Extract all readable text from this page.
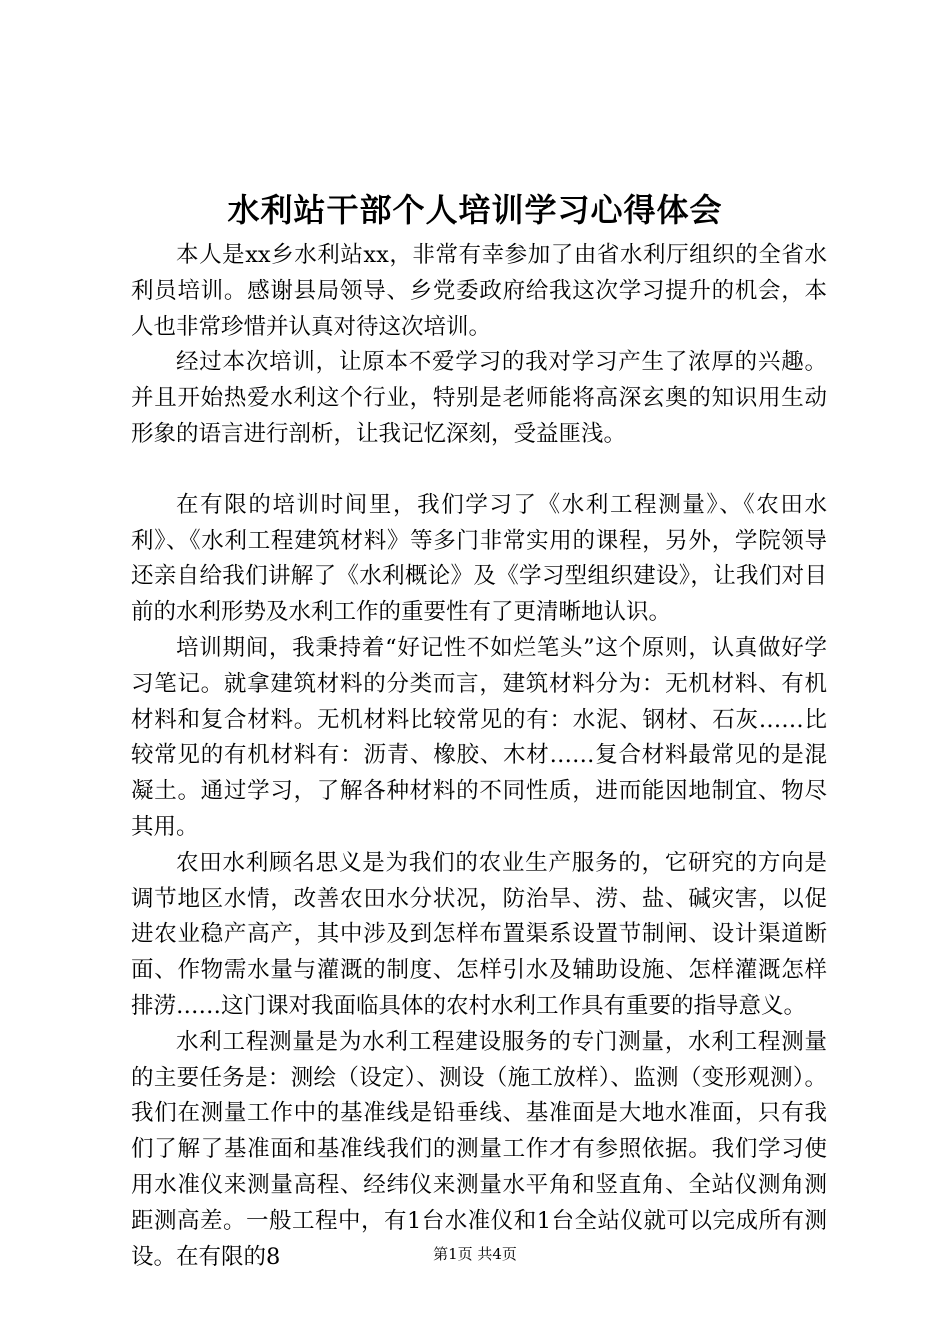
水利站干部个人培训学习心得体会

本人是xx乡水利站xx，非常有幸参加了由省水利厅组织的全省水利员培训。感谢县局领导、乡党委政府给我这次学习提升的机会，本人也非常珍惜并认真对待这次培训。

经过本次培训，让原本不爱学习的我对学习产生了浓厚的兴趣。并且开始热爱水利这个行业，特别是老师能将高深玄奥的知识用生动形象的语言进行剖析，让我记忆深刻，受益匪浅。

在有限的培训时间里，我们学习了《水利工程测量》、《农田水利》、《水利工程建筑材料》等多门非常实用的课程，另外，学院领导还亲自给我们讲解了《水利概论》及《学习型组织建设》，让我们对目前的水利形势及水利工作的重要性有了更清晰地认识。

培训期间，我秉持着“好记性不如烂笔头”这个原则，认真做好学习笔记。就拿建筑材料的分类而言，建筑材料分为：无机材料、有机材料和复合材料。无机材料比较常见的有：水泥、钢材、石灰……比较常见的有机材料有：沥青、橡胶、木材……复合材料最常见的是混凝土。通过学习，了解各种材料的不同性质，进而能因地制宜、物尽其用。

农田水利顾名思义是为我们的农业生产服务的，它研究的方向是调节地区水情，改善农田水分状况，防治旱、涝、盐、碱灾害，以促进农业稳产高产，其中涉及到怎样布置渠系设置节制闸、设计渠道断面、作物需水量与灌溉的制度、怎样引水及辅助设施、怎样灌溉怎样排涝……这门课对我面临具体的农村水利工作具有重要的指导意义。

水利工程测量是为水利工程建设服务的专门测量，水利工程测量的主要任务是：测绘（设定）、测设（施工放样）、监测（变形观测）。我们在测量工作中的基准线是铅垂线、基准面是大地水准面，只有我们了解了基准面和基准线我们的测量工作才有参照依据。我们学习使用水准仪来测量高程、经纬仪来测量水平角和竖直角、全站仪测角测距测高差。一般工程中，有1台水准仪和1台全站仪就可以完成所有测设。在有限的8	第1页 共4页
